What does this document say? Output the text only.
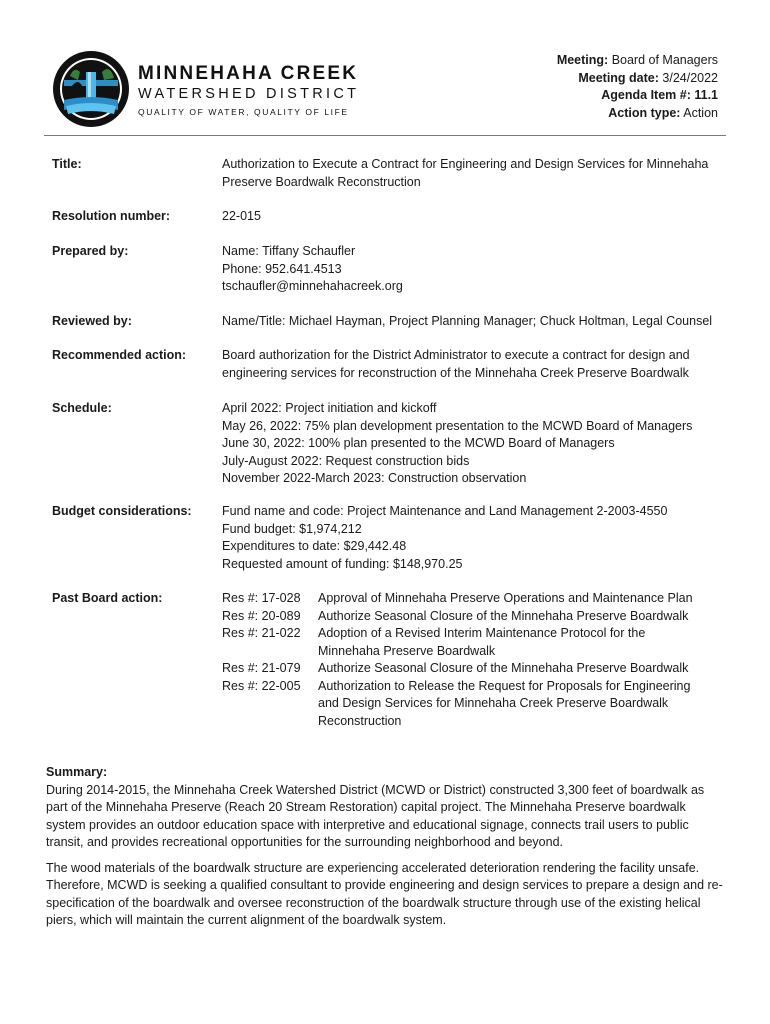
MINNEHAHA CREEK
WATERSHED DISTRICT
QUALITY OF WATER, QUALITY OF LIFE
Meeting: Board of Managers
Meeting date: 3/24/2022
Agenda Item #: 11.1
Action type: Action
Title:	Authorization to Execute a Contract for Engineering and Design Services for Minnehaha
Preserve Boardwalk Reconstruction
Resolution number:	22-015
Prepared by:	Name: Tiffany Schaufler
Phone: 952.641.4513
tschaufler@minnehahacreek.org
Reviewed by:	Name/Title: Michael Hayman, Project Planning Manager; Chuck Holtman, Legal Counsel
Recommended action:	Board authorization for the District Administrator to execute a contract for design and
engineering services for reconstruction of the Minnehaha Creek Preserve Boardwalk
Schedule:	April 2022: Project initiation and kickoff
May 26, 2022: 75% plan development presentation to the MCWD Board of Managers
June 30, 2022: 100% plan presented to the MCWD Board of Managers
July-August 2022: Request construction bids
November 2022-March 2023: Construction observation
Budget considerations:	Fund name and code: Project Maintenance and Land Management 2-2003-4550
Fund budget: $1,974,212
Expenditures to date: $29,442.48
Requested amount of funding: $148,970.25
Past Board action:	Res #: 17-028	Approval of Minnehaha Preserve Operations and Maintenance Plan
Res #: 20-089	Authorize Seasonal Closure of the Minnehaha Preserve Boardwalk
Res #: 21-022	Adoption of a Revised Interim Maintenance Protocol for the Minnehaha Preserve Boardwalk
Res #: 21-079	Authorize Seasonal Closure of the Minnehaha Preserve Boardwalk
Res #: 22-005	Authorization to Release the Request for Proposals for Engineering and Design Services for Minnehaha Creek Preserve Boardwalk Reconstruction
Summary:

During 2014-2015, the Minnehaha Creek Watershed District (MCWD or District) constructed 3,300 feet of boardwalk as part of the Minnehaha Preserve (Reach 20 Stream Restoration) capital project. The Minnehaha Preserve boardwalk system provides an outdoor education space with interpretive and educational signage, connects trail users to public transit, and provides recreational opportunities for the surrounding neighborhood and beyond.

The wood materials of the boardwalk structure are experiencing accelerated deterioration rendering the facility unsafe. Therefore, MCWD is seeking a qualified consultant to provide engineering and design services to prepare a design and re-specification of the boardwalk and oversee reconstruction of the boardwalk structure through use of the existing helical piers, which will maintain the current alignment of the boardwalk system.
